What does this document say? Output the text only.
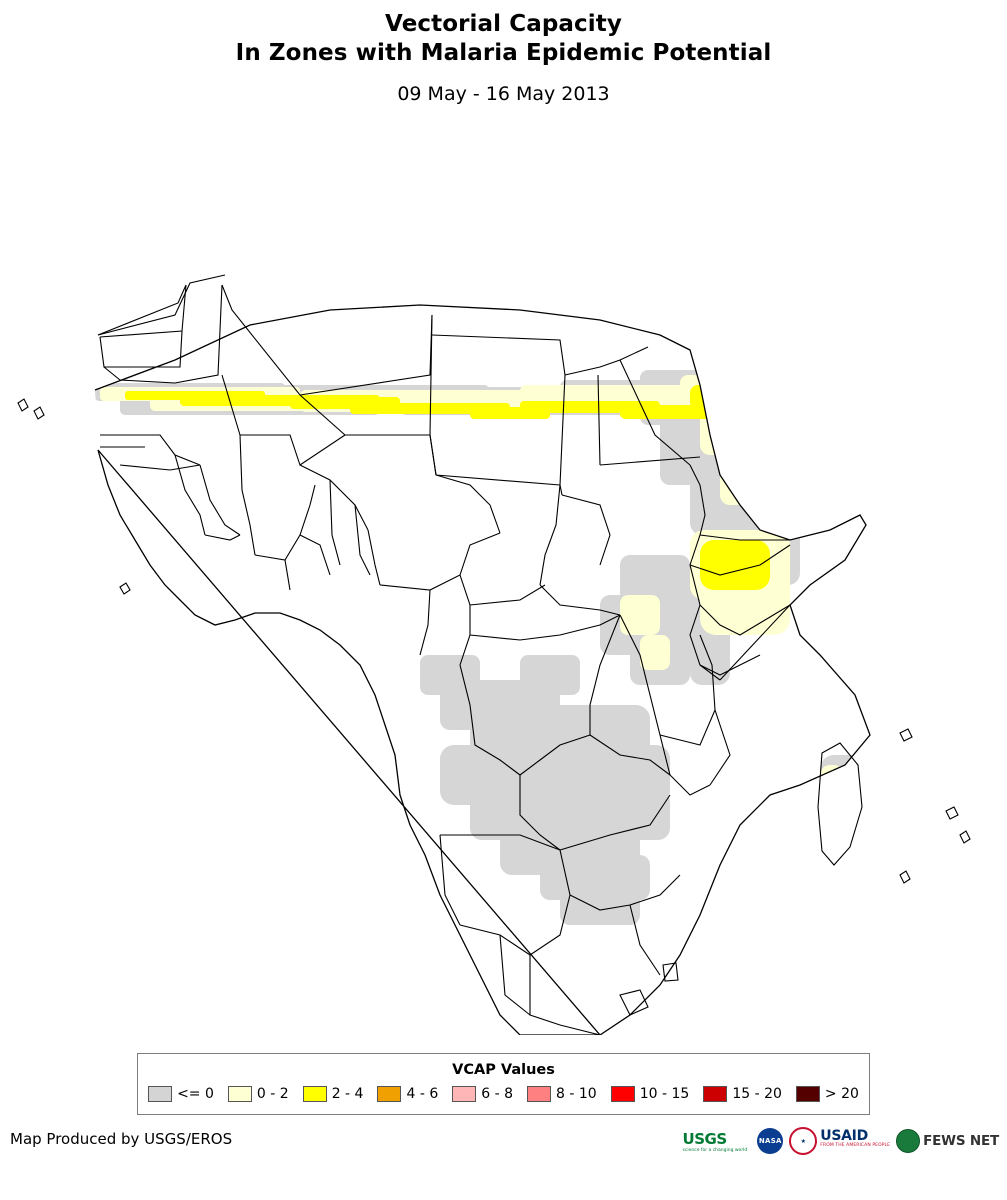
Vectorial Capacity
In Zones with Malaria Epidemic Potential
09 May - 16 May 2013
VCAP Values
<= 0	0 - 2	2 - 4	4 - 6	6 - 8	8 - 10	10 - 15	15 - 20	> 20
Map Produced by USGS/EROS	USGS
science for a changing world
NASA	★	USAID
FROM THE AMERICAN PEOPLE FEWS NET
